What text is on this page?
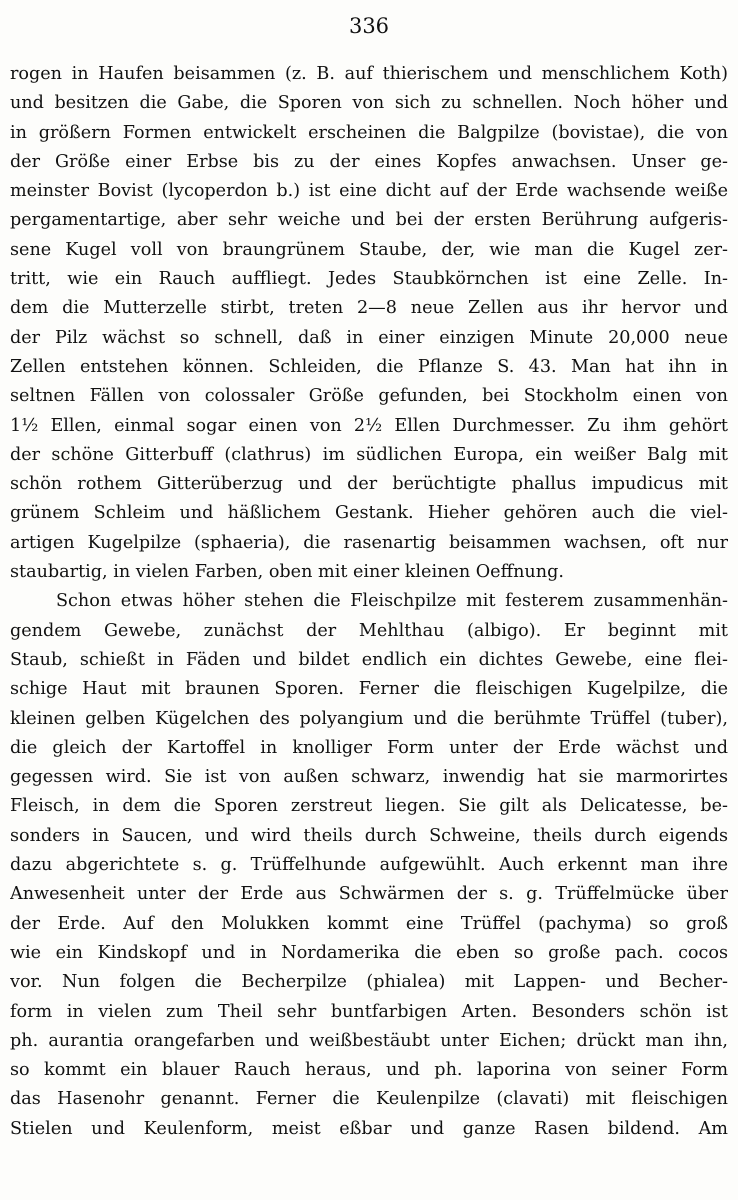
336
rogen in Haufen beisammen (z. B. auf thierischem und menschlichem Koth)
und besitzen die Gabe, die Sporen von sich zu schnellen. Noch höher und
in größern Formen entwickelt erscheinen die Balgpilze (bovistae), die von
der Größe einer Erbse bis zu der eines Kopfes anwachsen. Unser ge-
meinster Bovist (lycoperdon b.) ist eine dicht auf der Erde wachsende weiße
pergamentartige, aber sehr weiche und bei der ersten Berührung aufgeris-
sene Kugel voll von braungrünem Staube, der, wie man die Kugel zer-
tritt, wie ein Rauch auffliegt. Jedes Staubkörnchen ist eine Zelle. In-
dem die Mutterzelle stirbt, treten 2—8 neue Zellen aus ihr hervor und
der Pilz wächst so schnell, daß in einer einzigen Minute 20,000 neue
Zellen entstehen können. Schleiden, die Pflanze S. 43. Man hat ihn in
seltnen Fällen von colossaler Größe gefunden, bei Stockholm einen von
1½ Ellen, einmal sogar einen von 2½ Ellen Durchmesser. Zu ihm gehört
der schöne Gitterbuff (clathrus) im südlichen Europa, ein weißer Balg mit
schön rothem Gitterüberzug und der berüchtigte phallus impudicus mit
grünem Schleim und häßlichem Gestank. Hieher gehören auch die viel-
artigen Kugelpilze (sphaeria), die rasenartig beisammen wachsen, oft nur
staubartig, in vielen Farben, oben mit einer kleinen Oeffnung.
Schon etwas höher stehen die Fleischpilze mit festerem zusammenhän-
gendem Gewebe, zunächst der Mehlthau (albigo). Er beginnt mit
Staub, schießt in Fäden und bildet endlich ein dichtes Gewebe, eine flei-
schige Haut mit braunen Sporen. Ferner die fleischigen Kugelpilze, die
kleinen gelben Kügelchen des polyangium und die berühmte Trüffel (tuber),
die gleich der Kartoffel in knolliger Form unter der Erde wächst und
gegessen wird. Sie ist von außen schwarz, inwendig hat sie marmorirtes
Fleisch, in dem die Sporen zerstreut liegen. Sie gilt als Delicatesse, be-
sonders in Saucen, und wird theils durch Schweine, theils durch eigends
dazu abgerichtete s. g. Trüffelhunde aufgewühlt. Auch erkennt man ihre
Anwesenheit unter der Erde aus Schwärmen der s. g. Trüffelmücke über
der Erde. Auf den Molukken kommt eine Trüffel (pachyma) so groß
wie ein Kindskopf und in Nordamerika die eben so große pach. cocos
vor. Nun folgen die Becherpilze (phialea) mit Lappen- und Becher-
form in vielen zum Theil sehr buntfarbigen Arten. Besonders schön ist
ph. aurantia orangefarben und weißbestäubt unter Eichen; drückt man ihn,
so kommt ein blauer Rauch heraus, und ph. laporina von seiner Form
das Hasenohr genannt. Ferner die Keulenpilze (clavati) mit fleischigen
Stielen und Keulenform, meist eßbar und ganze Rasen bildend. Am
